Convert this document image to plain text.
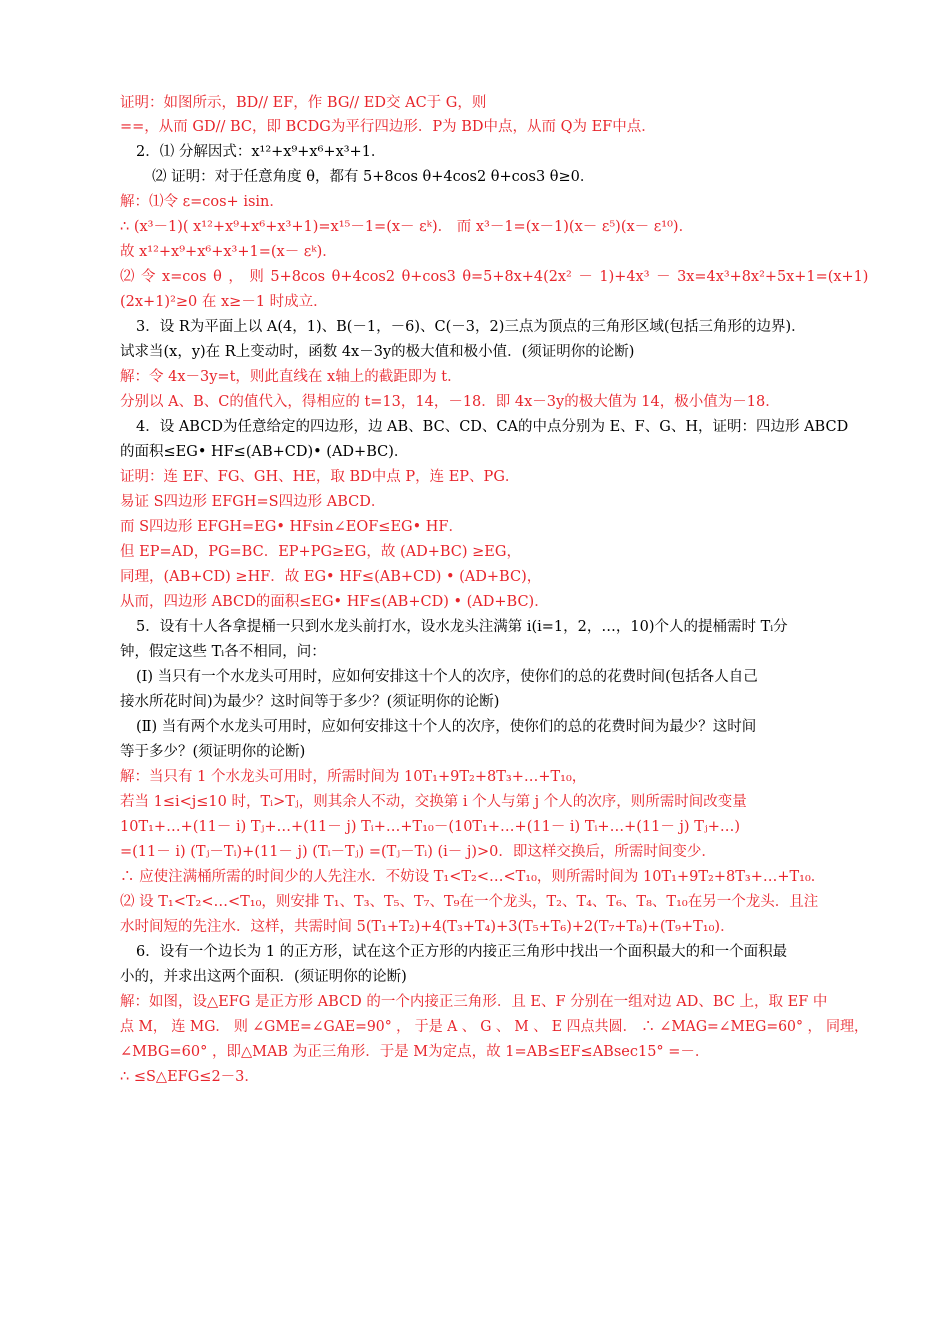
证明：如图所示，BD// EF，作 BG// ED交 AC于 G，则
==，从而 GD// BC，即 BCDG为平行四边形．P为 BD中点，从而 Q为 EF中点．
2．⑴ 分解因式：x¹²+x⁹+x⁶+x³+1．
⑵ 证明：对于任意角度 θ，都有 5+8cos θ+4cos2 θ+cos3 θ≥0．
解：⑴令 ε=cos+ isin．
∴ (x³－1)( x¹²+x⁹+x⁶+x³+1)=x¹⁵－1=(x－ εᵏ)． 而 x³－1=(x－1)(x－ ε⁵)(x－ ε¹⁰)．
故 x¹²+x⁹+x⁶+x³+1=(x－ εᵏ)．
⑵ 令 x=cos θ ， 则 5+8cos θ+4cos2 θ+cos3 θ=5+8x+4(2x² － 1)+4x³ － 3x=4x³+8x²+5x+1=(x+1)
(2x+1)²≥0 在 x≥－1 时成立．
3．设 R为平面上以 A(4，1)、B(－1，－6)、C(－3，2)三点为顶点的三角形区域(包括三角形的边界)．
试求当(x，y)在 R上变动时，函数 4x－3y的极大值和极小值．(须证明你的论断)
解：令 4x－3y=t，则此直线在 x轴上的截距即为 t．
分别以 A、B、C的值代入，得相应的 t=13，14，－18．即 4x－3y的极大值为 14，极小值为－18．
4．设 ABCD为任意给定的四边形，边 AB、BC、CD、CA的中点分别为 E、F、G、H，证明：四边形 ABCD
的面积≤EG• HF≤(AB+CD)• (AD+BC)．
证明：连 EF、FG、GH、HE，取 BD中点 P，连 EP、PG．
易证 S四边形 EFGH=S四边形 ABCD．
而 S四边形 EFGH=EG• HFsin∠EOF≤EG• HF．
但 EP=AD，PG=BC．EP+PG≥EG，故 (AD+BC) ≥EG，
同理，(AB+CD) ≥HF．故 EG• HF≤(AB+CD) • (AD+BC)，
从而，四边形 ABCD的面积≤EG• HF≤(AB+CD) • (AD+BC)．
5．设有十人各拿提桶一只到水龙头前打水，设水龙头注满第 i(i=1，2，…，10)个人的提桶需时 Tᵢ分
钟，假定这些 Tᵢ各不相同，问：
(Ⅰ) 当只有一个水龙头可用时，应如何安排这十个人的次序，使你们的总的花费时间(包括各人自己
接水所花时间)为最少？这时间等于多少？(须证明你的论断)
(Ⅱ) 当有两个水龙头可用时，应如何安排这十个人的次序，使你们的总的花费时间为最少？这时间
等于多少？(须证明你的论断)
解：当只有 1 个水龙头可用时，所需时间为 10T₁+9T₂+8T₃+…+T₁₀，
若当 1≤i<j≤10 时，Tᵢ>Tⱼ，则其余人不动，交换第 i 个人与第 j 个人的次序，则所需时间改变量
10T₁+…+(11－ i) Tⱼ+…+(11－ j) Tᵢ+…+T₁₀－(10T₁+…+(11－ i) Tᵢ+…+(11－ j) Tⱼ+…)
=(11－ i) (Tⱼ－Tᵢ)+(11－ j) (Tᵢ－Tⱼ) =(Tⱼ－Tᵢ) (i－ j)>0．即这样交换后，所需时间变少．
∴ 应使注满桶所需的时间少的人先注水．不妨设 T₁<T₂<…<T₁₀，则所需时间为 10T₁+9T₂+8T₃+…+T₁₀．
⑵ 设 T₁<T₂<…<T₁₀，则安排 T₁、T₃、T₅、T₇、T₉在一个龙头，T₂、T₄、T₆、T₈、T₁₀在另一个龙头．且注
水时间短的先注水．这样，共需时间 5(T₁+T₂)+4(T₃+T₄)+3(T₅+T₆)+2(T₇+T₈)+(T₉+T₁₀)．
6．设有一个边长为 1 的正方形，试在这个正方形的内接正三角形中找出一个面积最大的和一个面积最
小的，并求出这两个面积．(须证明你的论断)
解：如图，设△EFG 是正方形 ABCD 的一个内接正三角形．且 E、F 分别在一组对边 AD、BC 上，取 EF 中
点 M， 连 MG． 则 ∠GME=∠GAE=90° ， 于是 A 、 G 、 M 、 E 四点共圆． ∴ ∠MAG=∠MEG=60° ， 同理，
∠MBG=60° ，即△MAB 为正三角形．于是 M为定点，故 1=AB≤EF≤ABsec15° =－．
∴ ≤S△EFG≤2－3．
